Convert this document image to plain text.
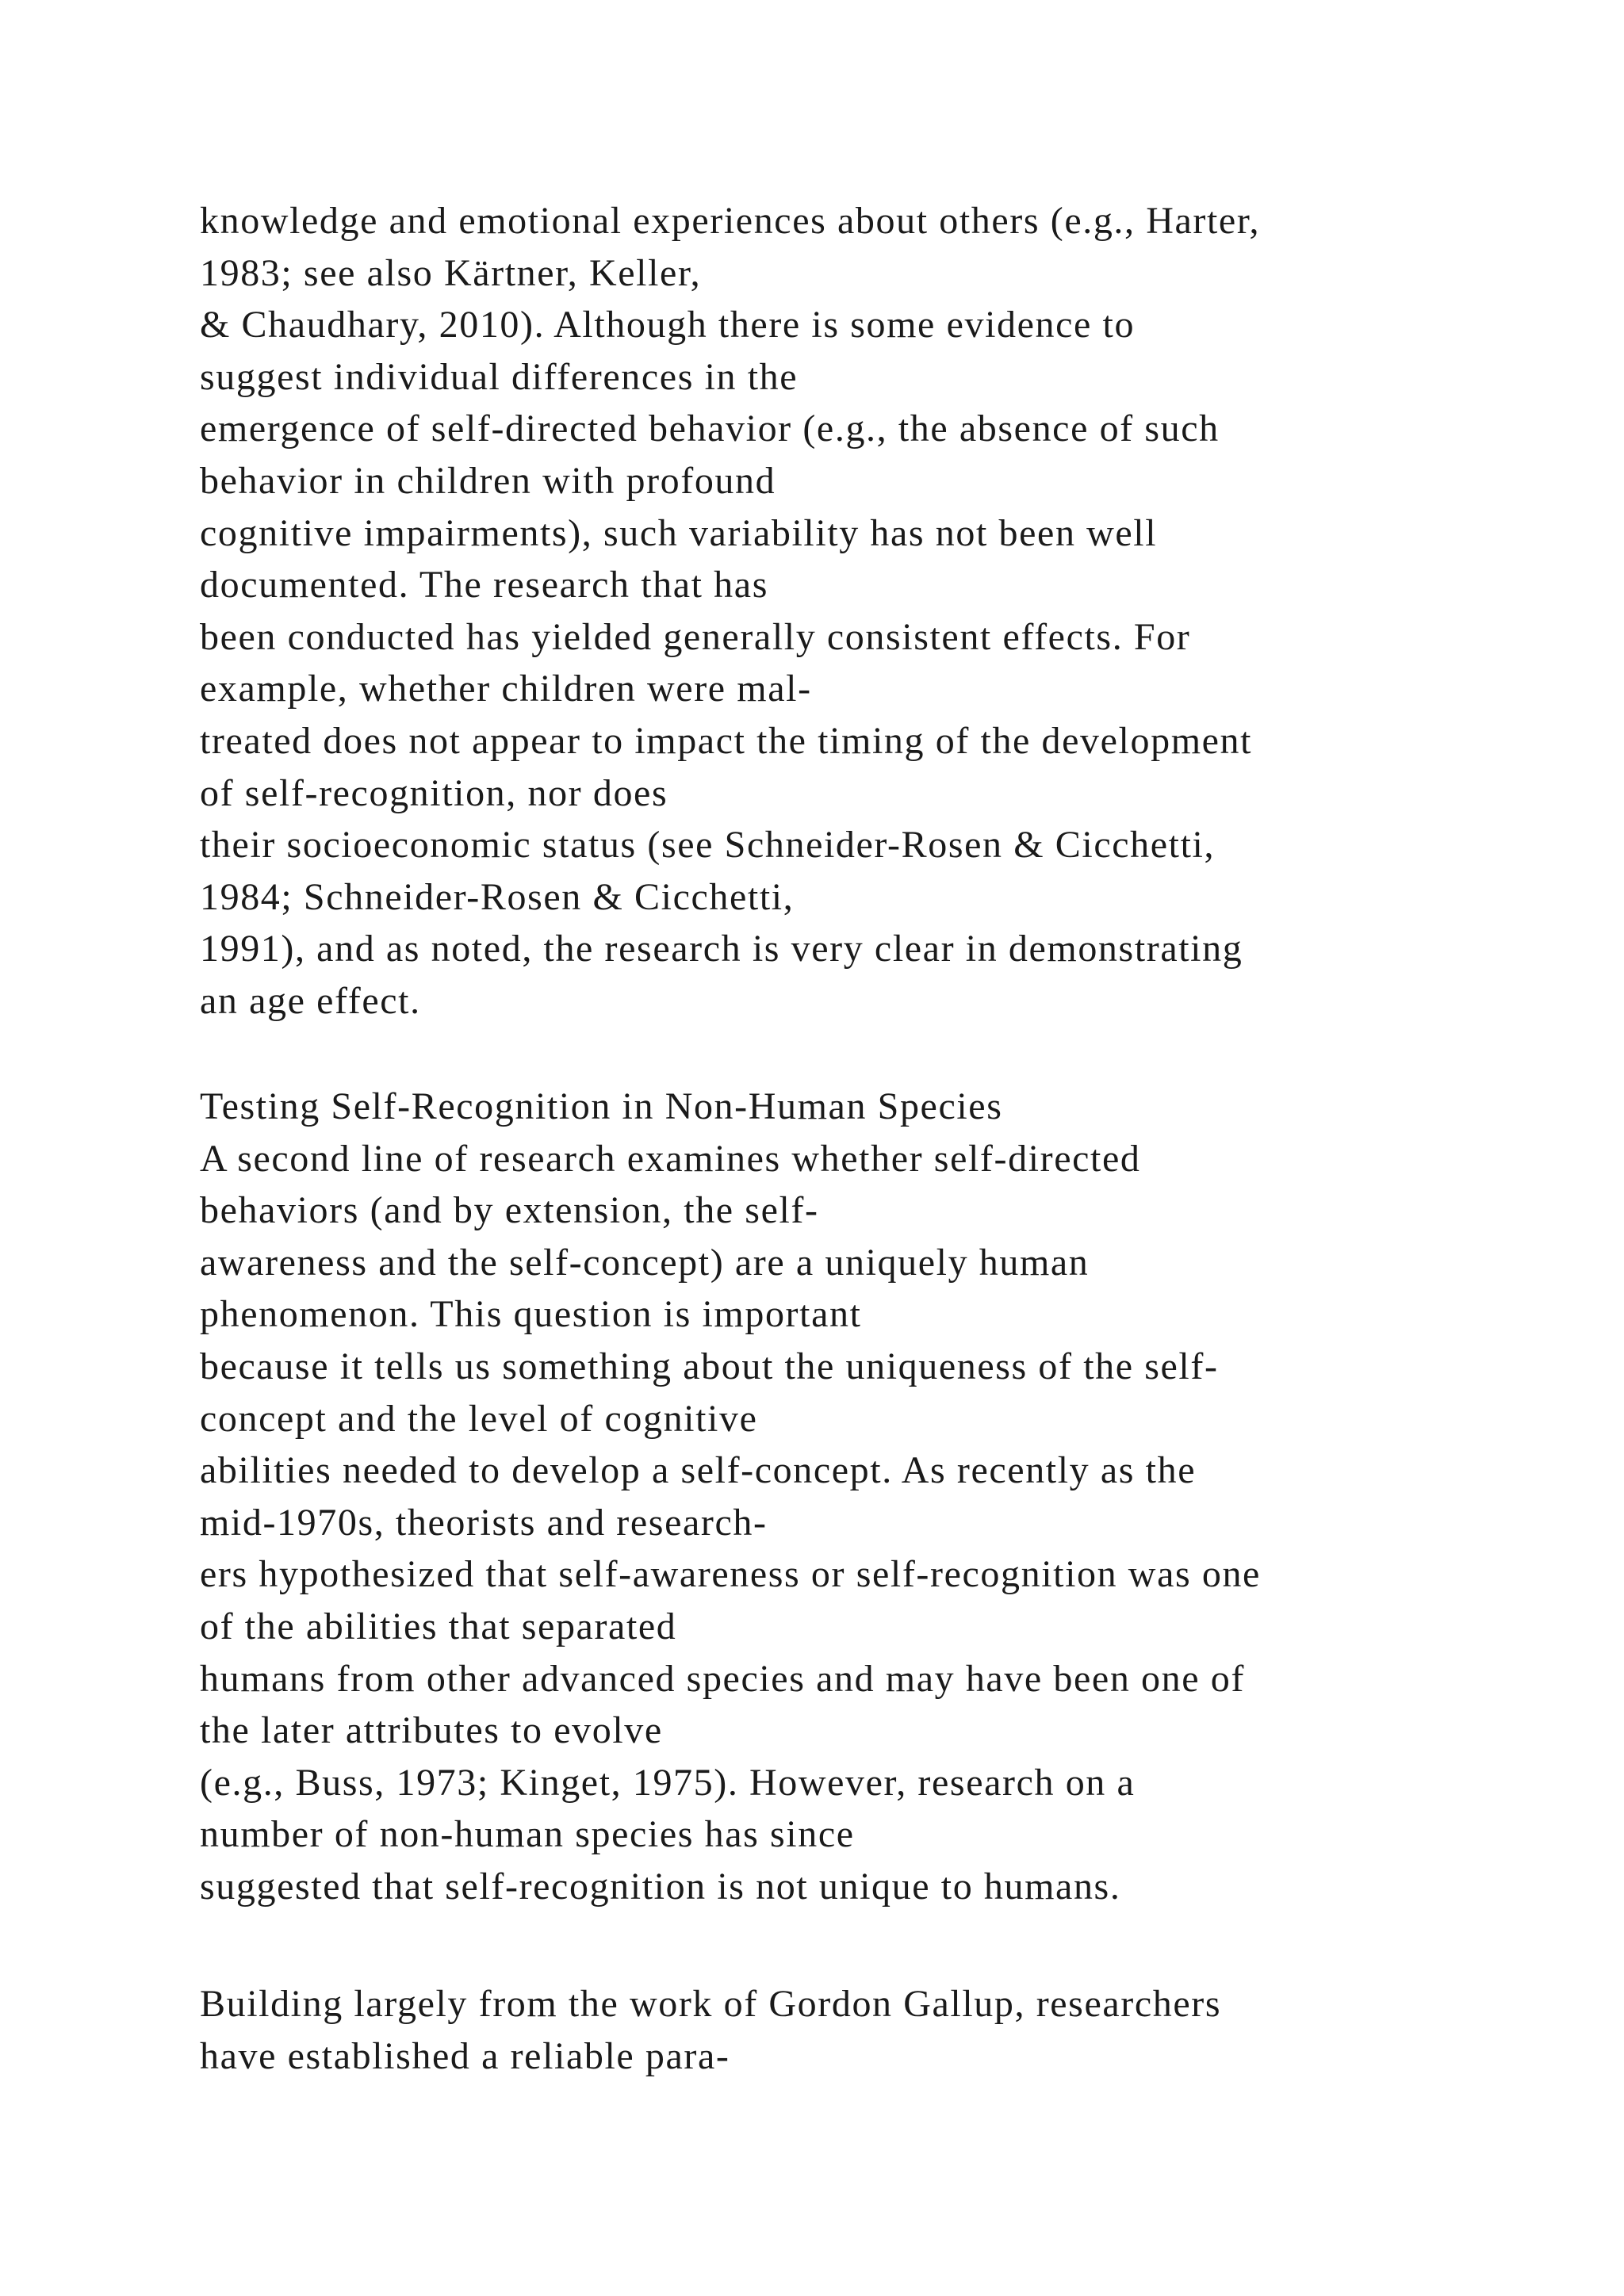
knowledge and emotional experiences about others (e.g., Harter,
1983; see also Kärtner, Keller,
& Chaudhary, 2010). Although there is some evidence to
suggest individual differences in the
emergence of self-directed behavior (e.g., the absence of such
behavior in children with profound
cognitive impairments), such variability has not been well
documented. The research that has
been conducted has yielded generally consistent effects. For
example, whether children were mal-
treated does not appear to impact the timing of the development
of self-recognition, nor does
their socioeconomic status (see Schneider-Rosen & Cicchetti,
1984; Schneider-Rosen & Cicchetti,
1991), and as noted, the research is very clear in demonstrating
an age effect.
Testing Self-Recognition in Non-Human Species
A second line of research examines whether self-directed
behaviors (and by extension, the self-
awareness and the self-concept) are a uniquely human
phenomenon. This question is important
because it tells us something about the uniqueness of the self-
concept and the level of cognitive
abilities needed to develop a self-concept. As recently as the
mid-1970s, theorists and research-
ers hypothesized that self-awareness or self-recognition was one
of the abilities that separated
humans from other advanced species and may have been one of
the later attributes to evolve
(e.g., Buss, 1973; Kinget, 1975). However, research on a
number of non-human species has since
suggested that self-recognition is not unique to humans.
Building largely from the work of Gordon Gallup, researchers
have established a reliable para-
